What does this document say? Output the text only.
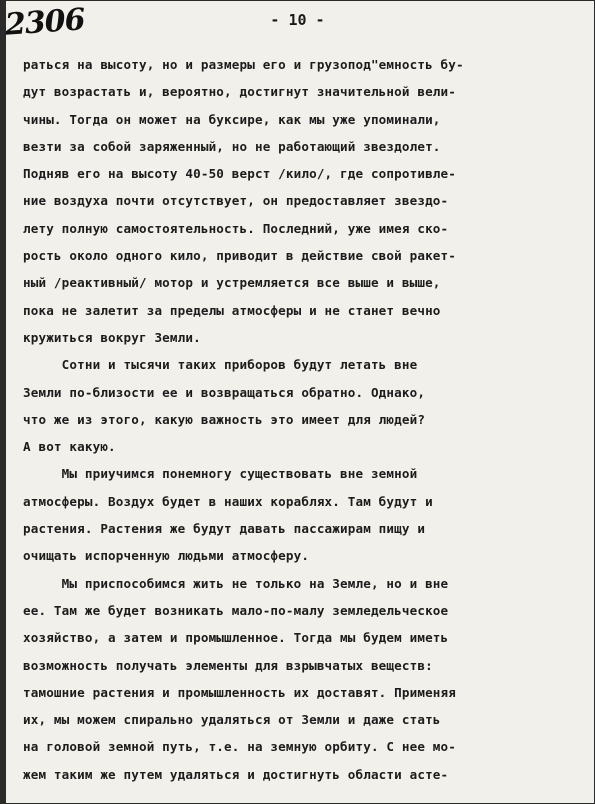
2306	- 10 -
раться на высоту, но и размеры его и грузопод"емность бу-
дут возрастать и, вероятно, достигнут значительной вели-
чины. Тогда он может на буксире, как мы уже упоминали,
везти за собой заряженный, но не работающий звездолет.
Подняв его на высоту 40-50 верст /кило/, где сопротивле-
ние воздуха почти отсутствует, он предоставляет звездо-
лету полную самостоятельность. Последний, уже имея ско-
рость около одного кило, приводит в действие свой ракет-
ный /реактивный/ мотор и устремляется все выше и выше,
пока не залетит за пределы атмосферы и не станет вечно
кружиться вокруг Земли.
Сотни и тысячи таких приборов будут летать вне
Земли по-близости ее и возвращаться обратно. Однако,
что же из этого, какую важность это имеет для людей?
А вот какую.
Мы приучимся понемногу существовать вне земной
атмосферы. Воздух будет в наших кораблях. Там будут и
растения. Растения же будут давать пассажирам пищу и
очищать испорченную людьми атмосферу.
Мы приспособимся жить не только на Земле, но и вне
ее. Там же будет возникать мало-по-малу земледельческое
хозяйство, а затем и промышленное. Тогда мы будем иметь
возможность получать элементы для взрывчатых веществ:
тамошние растения и промышленность их доставят. Применяя
их, мы можем спирально удаляться от Земли и даже стать
на головой земной путь, т.е. на земную орбиту. С нее мо-
жем таким же путем удаляться и достигнуть области асте-
